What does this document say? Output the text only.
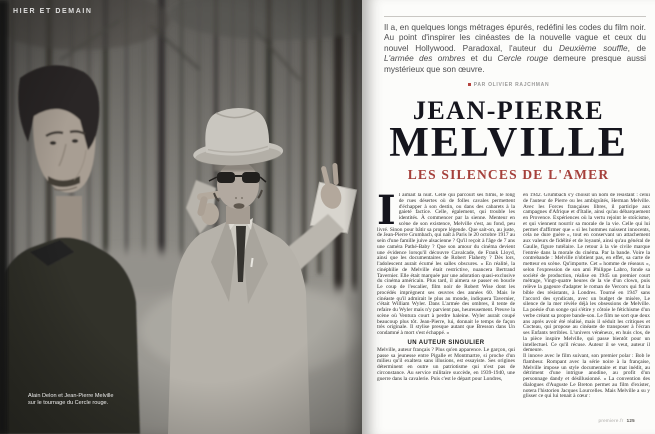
HIER ET DEMAIN
Alain Delon et Jean-Pierre Melville
sur le tournage du Cercle rouge.

Il a, en quelques longs métrages épurés, redéfini les codes du film noir. Au point d'inspirer les cinéastes de la nouvelle vague et ceux du nouvel Hollywood. Paradoxal, l'auteur du Deuxième souffle, de L'armée des ombres et du Cercle rouge demeure presque aussi mystérieux que son œuvre.

PAR OLIVIER RAJCHMAN
JEAN-PIERRE
MELVILLE
LES SILENCES DE L'AMER

Il aimait la nuit. Celle qui parcourt ses films, le long de rues désertes où de folles cavales permettent d'échapper à son destin, ou dans des cabarets à la gaieté factice. Celle, également, qui trouble les identités. À commencer par la sienne. Menteur en scène de son existence, Melville s'est, au fond, peu livré. Sinon pour bâtir sa propre légende. Que sait-on, au juste, de Jean-Pierre Grumbach, qui naît à Paris le 20 octobre 1917 au sein d'une famille juive alsacienne ? Qu'il reçoit à l'âge de 7 ans une caméra Pathé-Baby ? Que son amour du cinéma devient une évidence lorsqu'il découvre Cavalcade, de Frank Lloyd, ainsi que les documentaires de Robert Flaherty ? Dès lors, l'adolescent aurait écumé les salles obscures. « En réalité, la cinéphilie de Melville était restrictive, nuancera Bertrand Tavernier. Elle était marquée par une adoration quasi-exclusive du cinéma américain. Plus tard, il aimera se passer en boucle Le coup de l'escalier, film noir de Robert Wise dont les procédés imprègnent ses œuvres des années 60. Mais le cinéaste qu'il admirait le plus au monde, indiquera Tavernier, c'était William Wyler. Dans L'armée des ombres, il tente de refaire du Wyler mais n'y parvient pas, heureusement. Preuve la scène où Ventura court à perdre haleine. Wyler aurait coupé beaucoup plus tôt. Jean-Pierre, lui, donnait le temps de façon très originale. Il stylise presque autant que Bresson dans Un condamné à mort s'est échappé. »

UN AUTEUR SINGULIER

Melville, auteur français ? Plus qu'en apparence. Le garçon, qui passe sa jeunesse entre Pigalle et Montmartre, si proche d'un milieu qu'il exaltera sans illusions, est essayiste. Ses origines déterminent en outre un patriotisme qui n'est pas de circonstance. Au service militaire succède, en 1939-1940, une guerre dans la cavalerie. Puis c'est le départ pour Londres,

en 1942. Grumbach s'y choisit un nom de résistant : celui de l'auteur de Pierre ou les ambiguïtés, Herman Melville. Avec les Forces françaises libres, il participe aux campagnes d'Afrique et d'Italie, ainsi qu'au débarquement en Provence. Expériences où la vertu rejoint le stoïcisme, et qui viennent nourrir sa morale de la vie. Celle qui lui permet d'affirmer que « si les hommes naissent innocents, cela ne dure guère », tout en conservant un attachement aux valeurs de fidélité et de loyauté, ainsi qu'au général de Gaulle, figure tutélaire. Le retour à la vie civile marque l'entrée dans la morale du cinéma. Par la bande. Voire la contrebande : Melville n'obtient pas, en effet, sa carte de metteur en scène. Qu'importe. Cet « homme de réseaux », selon l'expression de son ami Philippe Labro, fonde sa société de production, réalise en 1945 un premier court métrage, Vingt-quatre heures de la vie d'un clown, puis relève la gageure d'adapter le roman de Vercors qui fut la bible des résistants, à Londres. Tourné en 1947 sans l'accord des syndicats, avec un budget de misère, Le silence de la mer révèle déjà les obsessions de Melville. La poésie d'un songe qui s'étire y côtoie le fétichisme d'un verbe créant sa propre bande-son. Le film ne sort que deux ans après avoir été réalisé, mais il séduit les critiques et Cocteau, qui propose au cinéaste de transposer à l'écran ses Enfants terribles. L'univers vénéneux, en huis clos, de la pièce inspire Melville, qui passe bientôt pour un intellectuel. Ce qu'il récuse. Auteur il se veut, auteur il demeure.

Il innove avec le film suivant, son premier polar : Bob le flambeur. Rompant avec la série noire à la française, Melville impose un style documentaire et mat inédit, au détriment d'une intrigue anodine, au profit d'un personnage dandy et désillusionné. « La convention des dialogues d'Auguste Le Breton permet au film d'exister, notera l'historien Jacques Lourcelles. Mais Melville a su y glisser ce qui lui tenait à cœur :

premiere.fr 125
